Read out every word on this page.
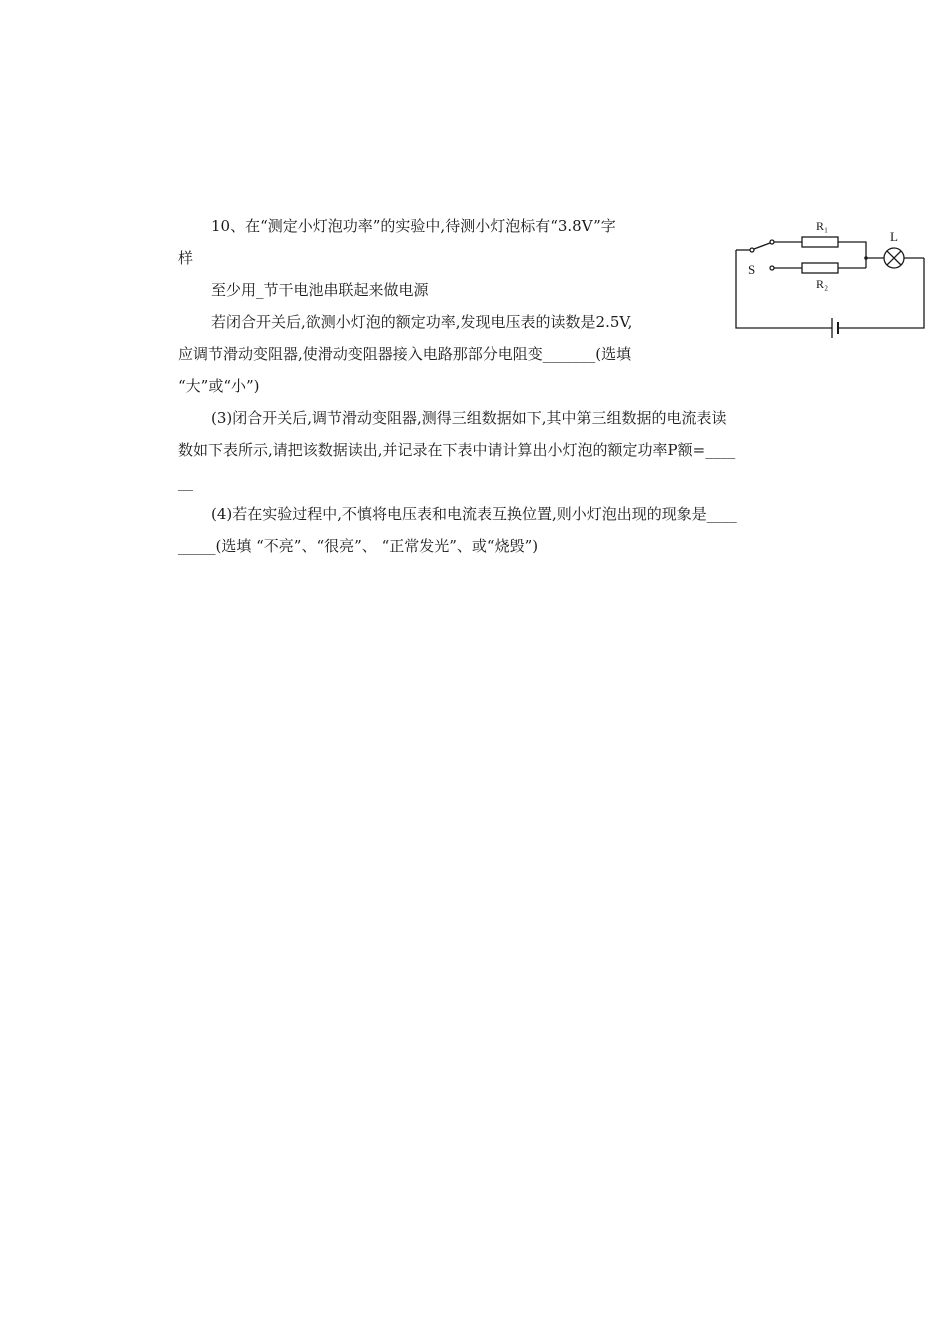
10、在“测定小灯泡功率”的实验中,待测小灯泡标有“3.8V”字
样
至少用_节干电池串联起来做电源
若闭合开关后,欲测小灯泡的额定功率,发现电压表的读数是2.5V,
应调节滑动变阻器,使滑动变阻器接入电路那部分电阻变_______(选填
“大”或“小”)
(3)闭合开关后,调节滑动变阻器,测得三组数据如下,其中第三组数据的电流表读
数如下表所示,请把该数据读出,并记录在下表中请计算出小灯泡的额定功率P额=____
__
(4)若在实验过程中,不慎将电压表和电流表互换位置,则小灯泡出现的现象是____
_____(选填 “不亮”、“很亮”、 “正常发光”、或“烧毁”)
R₁
R₂
L
S
